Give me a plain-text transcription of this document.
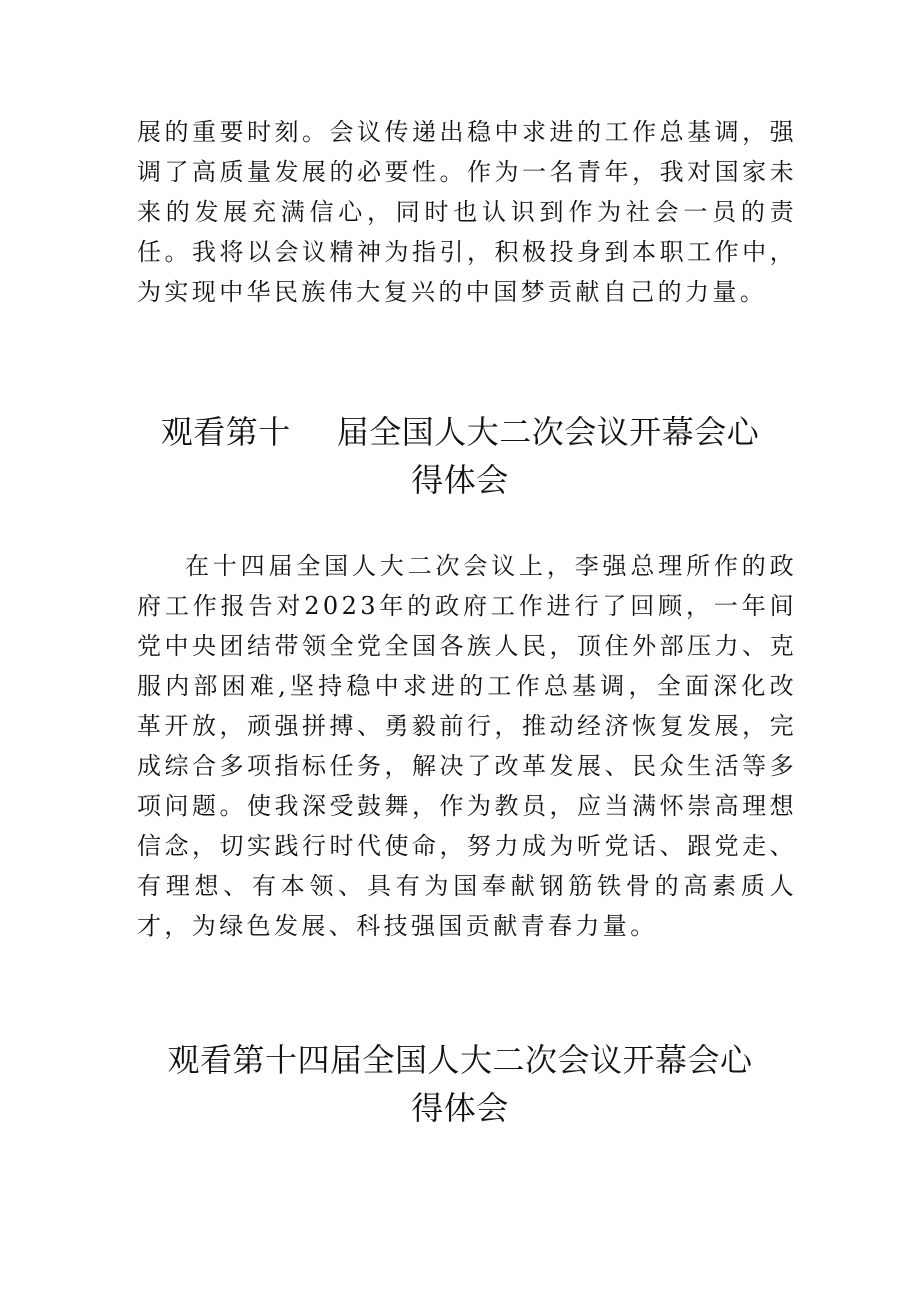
展的重要时刻。会议传递出稳中求进的工作总基调，强调了高质量发展的必要性。作为一名青年，我对国家未来的发展充满信心，同时也认识到作为社会一员的责任。我将以会议精神为指引，积极投身到本职工作中，为实现中华民族伟大复兴的中国梦贡献自己的力量。

观看第十 届全国人大二次会议开幕会心
得体会

在十四届全国人大二次会议上，李强总理所作的政府工作报告对2023年的政府工作进行了回顾，一年间党中央团结带领全党全国各族人民，顶住外部压力、克服内部困难,坚持稳中求进的工作总基调，全面深化改革开放，顽强拼搏、勇毅前行，推动经济恢复发展，完成综合多项指标任务，解决了改革发展、民众生活等多项问题。使我深受鼓舞，作为教员，应当满怀崇高理想信念，切实践行时代使命，努力成为听党话、跟党走、有理想、有本领、具有为国奉献钢筋铁骨的高素质人才，为绿色发展、科技强国贡献青春力量。

观看第十四届全国人大二次会议开幕会心
得体会
